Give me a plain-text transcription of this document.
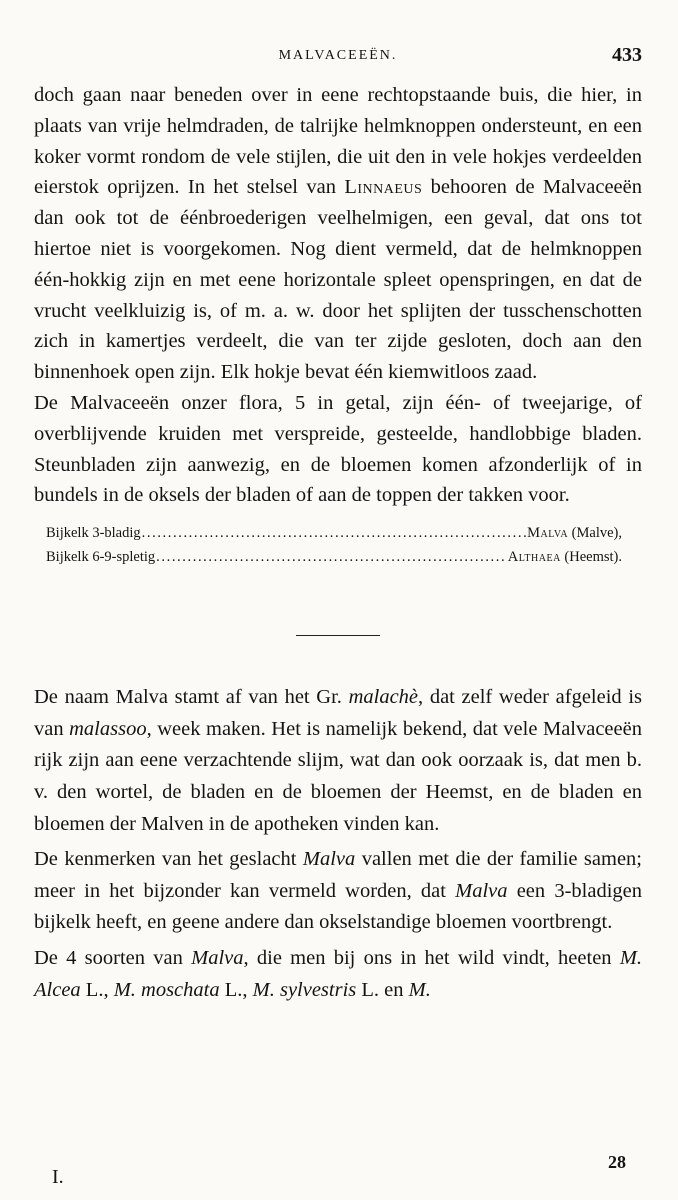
MALVACEEËN.	433

doch gaan naar beneden over in eene rechtopstaande buis, die hier, in plaats van vrije helmdraden, de talrijke helmknoppen ondersteunt, en een koker vormt rondom de vele stijlen, die uit den in vele hokjes verdeelden eierstok oprijzen. In het stelsel van Linnaeus behooren de Malvaceeën dan ook tot de éénbroederigen veelhelmigen, een geval, dat ons tot hiertoe niet is voorgekomen. Nog dient vermeld, dat de helmknoppen één-hokkig zijn en met eene horizontale spleet openspringen, en dat de vrucht veelkluizig is, of m. a. w. door het splijten der tusschenschotten zich in kamertjes verdeelt, die van ter zijde gesloten, doch aan den binnenhoek open zijn. Elk hokje bevat één kiemwitloos zaad.

De Malvaceeën onzer flora, 5 in getal, zijn één- of tweejarige, of overblijvende kruiden met verspreide, gesteelde, handlobbige bladen. Steunbladen zijn aanwezig, en de bloemen komen afzonderlijk of in bundels in de oksels der bladen of aan de toppen der takken voor.

Bijkelk 3-bladig .....	Malva (Malve),
Bijkelk 6-9-spletig .....	Althaea (Heemst).

De naam Malva stamt af van het Gr. malachè, dat zelf weder afgeleid is van malassoo, week maken. Het is namelijk bekend, dat vele Malvaceeën rijk zijn aan eene verzachtende slijm, wat dan ook oorzaak is, dat men b. v. den wortel, de bladen en de bloemen der Heemst, en de bladen en bloemen der Malven in de apotheken vinden kan.

De kenmerken van het geslacht Malva vallen met die der familie samen; meer in het bijzonder kan vermeld worden, dat Malva een 3-bladigen bijkelk heeft, en geene andere dan okselstandige bloemen voortbrengt.

De 4 soorten van Malva, die men bij ons in het wild vindt, heeten M. Alcea L., M. moschata L., M. sylvestris L. en M.

I.
28
